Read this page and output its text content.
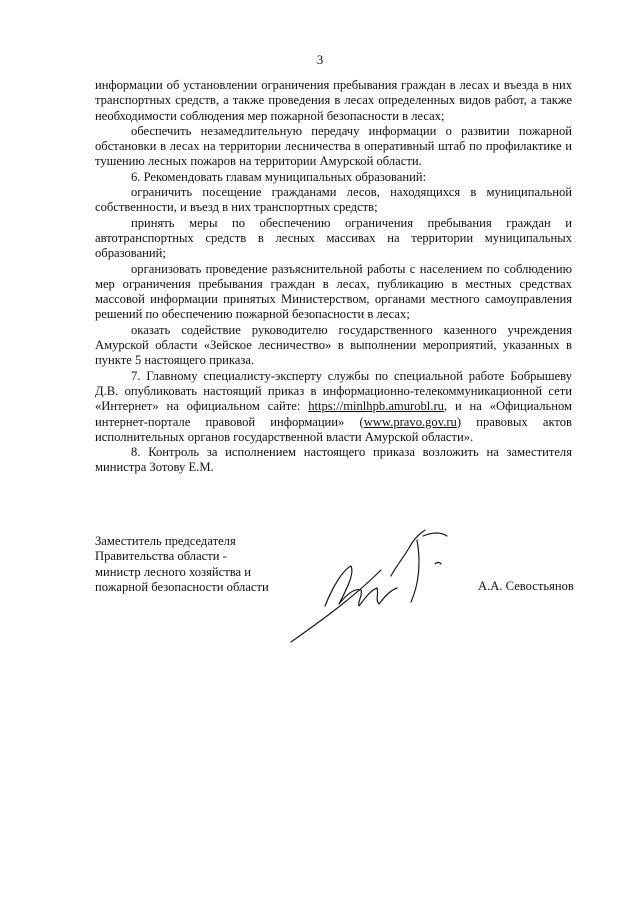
3

информации об установлении ограничения пребывания граждан в лесах и въезда в них транспортных средств, а также проведения в лесах определенных видов работ, а также необходимости соблюдения мер пожарной безопасности в лесах;

обеспечить незамедлительную передачу информации о развитии пожарной обстановки в лесах на территории лесничества в оперативный штаб по профилактике и тушению лесных пожаров на территории Амурской области.

6. Рекомендовать главам муниципальных образований:

ограничить посещение гражданами лесов, находящихся в муниципальной собственности, и въезд в них транспортных средств;

принять меры по обеспечению ограничения пребывания граждан и автотранспортных средств в лесных массивах на территории муниципальных образований;

организовать проведение разъяснительной работы с населением по соблюдению мер ограничения пребывания граждан в лесах, публикацию в местных средствах массовой информации принятых Министерством, органами местного самоуправления решений по обеспечению пожарной безопасности в лесах;

оказать содействие руководителю государственного казенного учреждения Амурской области «Зейское лесничество» в выполнении мероприятий, указанных в пункте 5 настоящего приказа.

7. Главному специалисту-эксперту службы по специальной работе Бобрышеву Д.В. опубликовать настоящий приказ в информационно-телекоммуникационной сети «Интернет» на официальном сайте: https://minlhpb.amurobl.ru, и на «Официальном интернет-портале правовой информации» (www.pravo.gov.ru) правовых актов исполнительных органов государственной власти Амурской области».

8. Контроль за исполнением настоящего приказа возложить на заместителя министра Зотову Е.М.

Заместитель председателя
Правительства области -
министр лесного хозяйства и
пожарной безопасности области	А.А. Севостьянов
